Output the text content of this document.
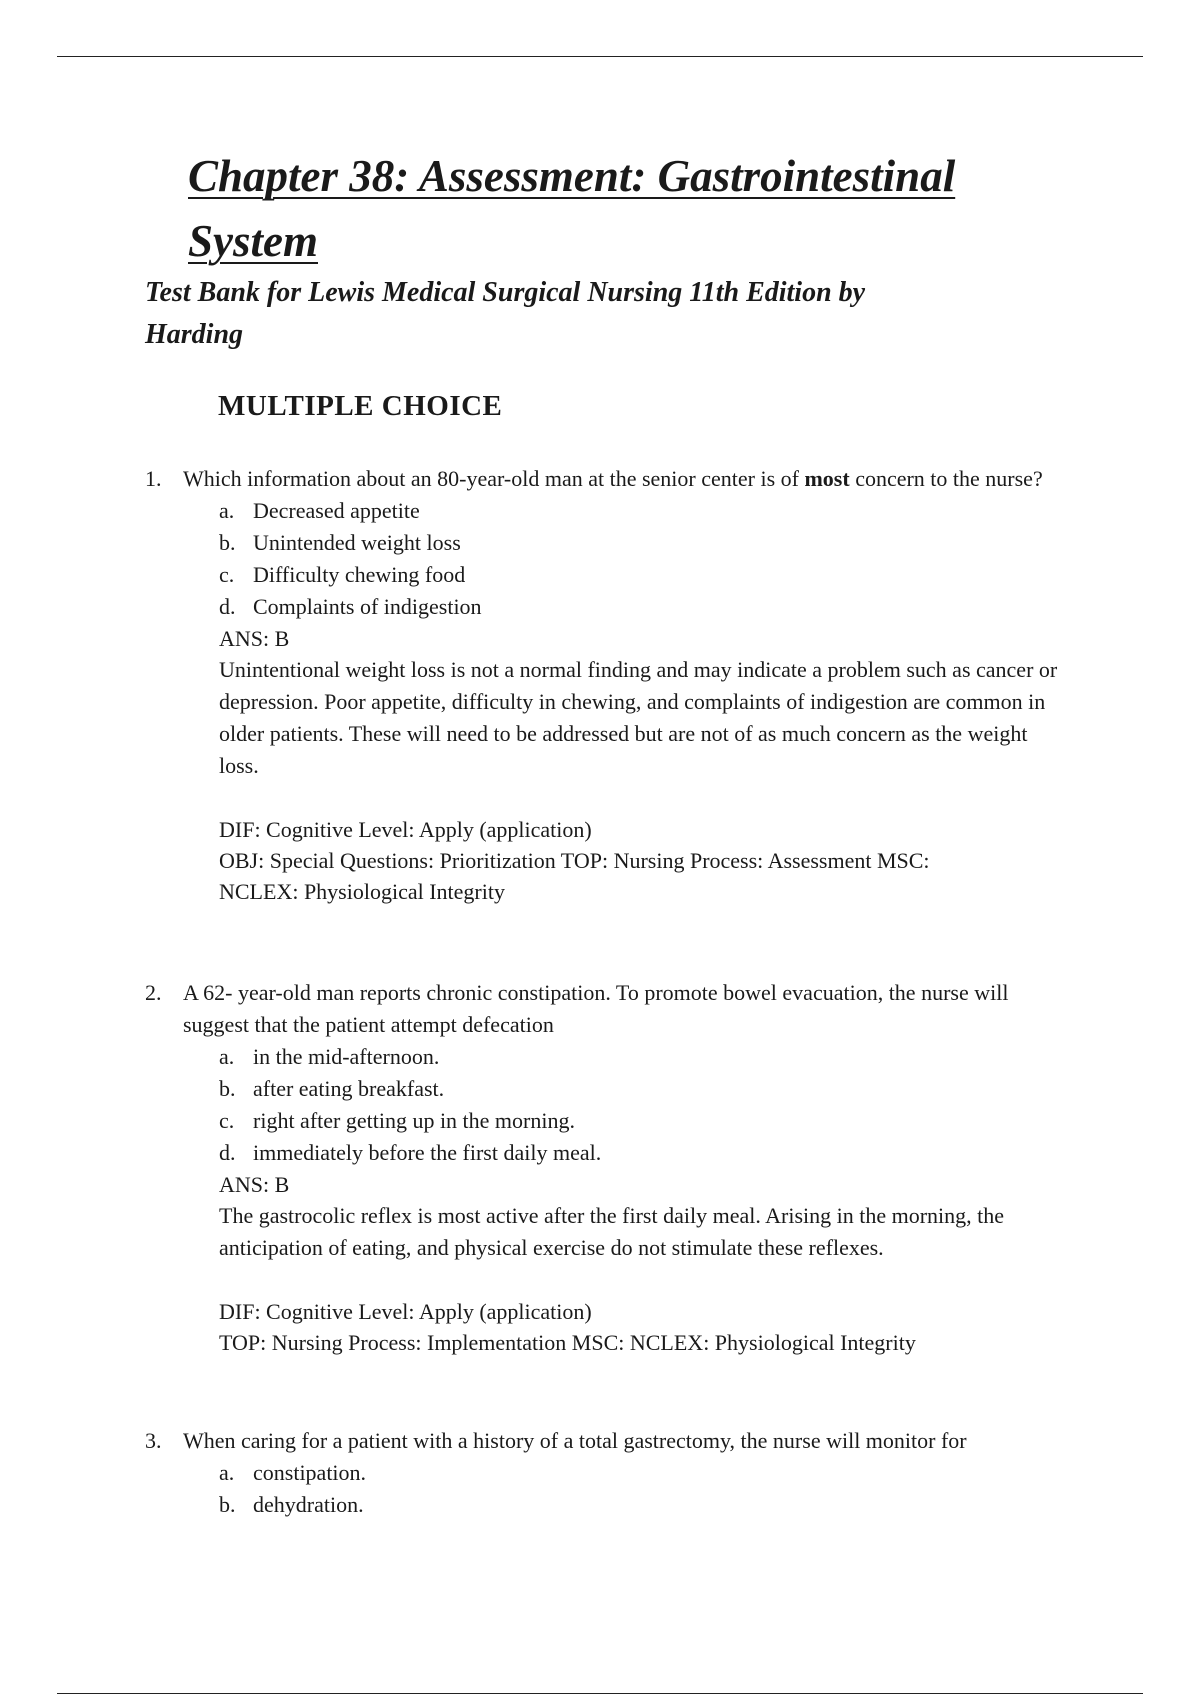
Chapter 38: Assessment: Gastrointestinal
System
Test Bank for Lewis Medical Surgical Nursing 11th Edition by
Harding
MULTIPLE CHOICE
1. Which information about an 80-year-old man at the senior center is of most concern to the nurse?
a. Decreased appetite
b. Unintended weight loss
c. Difficulty chewing food
d. Complaints of indigestion
ANS: B
Unintentional weight loss is not a normal finding and may indicate a problem such as cancer or depression. Poor appetite, difficulty in chewing, and complaints of indigestion are common in older patients. These will need to be addressed but are not of as much concern as the weight loss.
DIF: Cognitive Level: Apply (application)
OBJ: Special Questions: Prioritization TOP: Nursing Process: Assessment MSC:
NCLEX: Physiological Integrity
2. A 62- year-old man reports chronic constipation. To promote bowel evacuation, the nurse will suggest that the patient attempt defecation
a. in the mid-afternoon.
b. after eating breakfast.
c. right after getting up in the morning.
d. immediately before the first daily meal.
ANS: B
The gastrocolic reflex is most active after the first daily meal. Arising in the morning, the anticipation of eating, and physical exercise do not stimulate these reflexes.
DIF: Cognitive Level: Apply (application)
TOP: Nursing Process: Implementation MSC: NCLEX: Physiological Integrity
3. When caring for a patient with a history of a total gastrectomy, the nurse will monitor for
a. constipation.
b. dehydration.
